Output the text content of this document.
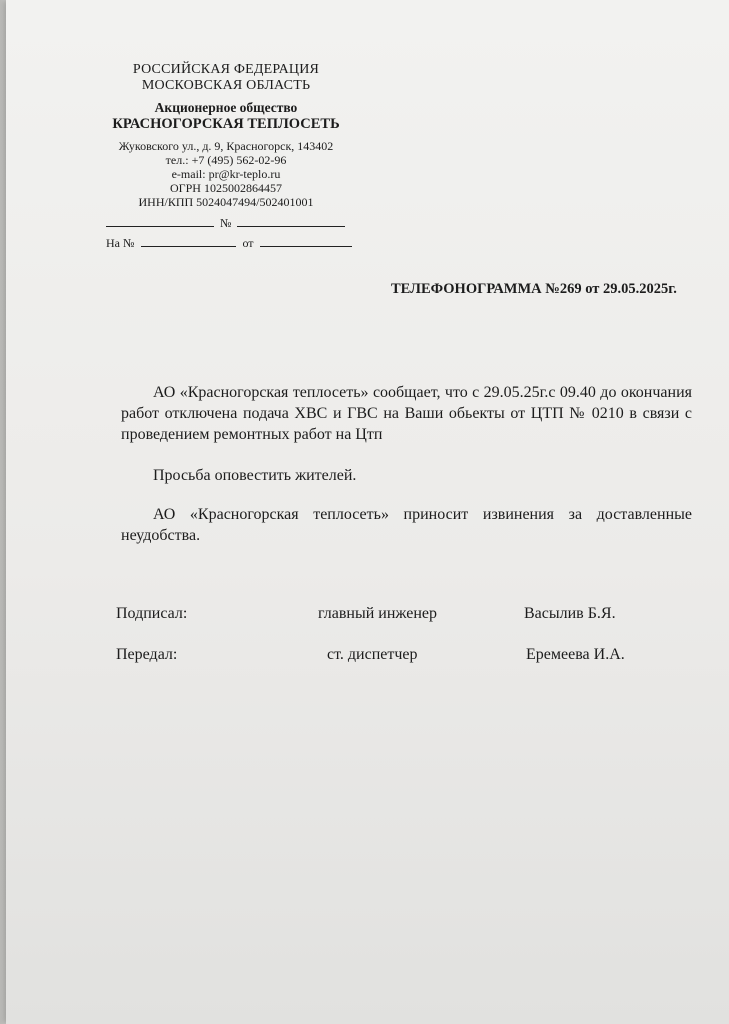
РОССИЙСКАЯ ФЕДЕРАЦИЯ
МОСКОВСКАЯ ОБЛАСТЬ
Акционерное общество
КРАСНОГОРСКАЯ ТЕПЛОСЕТЬ
Жуковского ул., д. 9, Красногорск, 143402
тел.: +7 (495) 562-02-96
e-mail: pr@kr-teplo.ru
ОГРН 1025002864457
ИНН/КПП 5024047494/502401001
№
На №	от
ТЕЛЕФОНОГРАММА №269 от 29.05.2025г.
АО «Красногорская теплосеть» сообщает, что с 29.05.25г.с 09.40 до окончания работ отключена подача ХВС и ГВС на Ваши обьекты от ЦТП № 0210 в связи с проведением ремонтных работ на Цтп
Просьба оповестить жителей.
АО «Красногорская теплосеть» приносит извинения за доставленные неудобства.
Подписал:	главный инженер	Васылив Б.Я.
Передал:	ст. диспетчер	Еремеева И.А.
